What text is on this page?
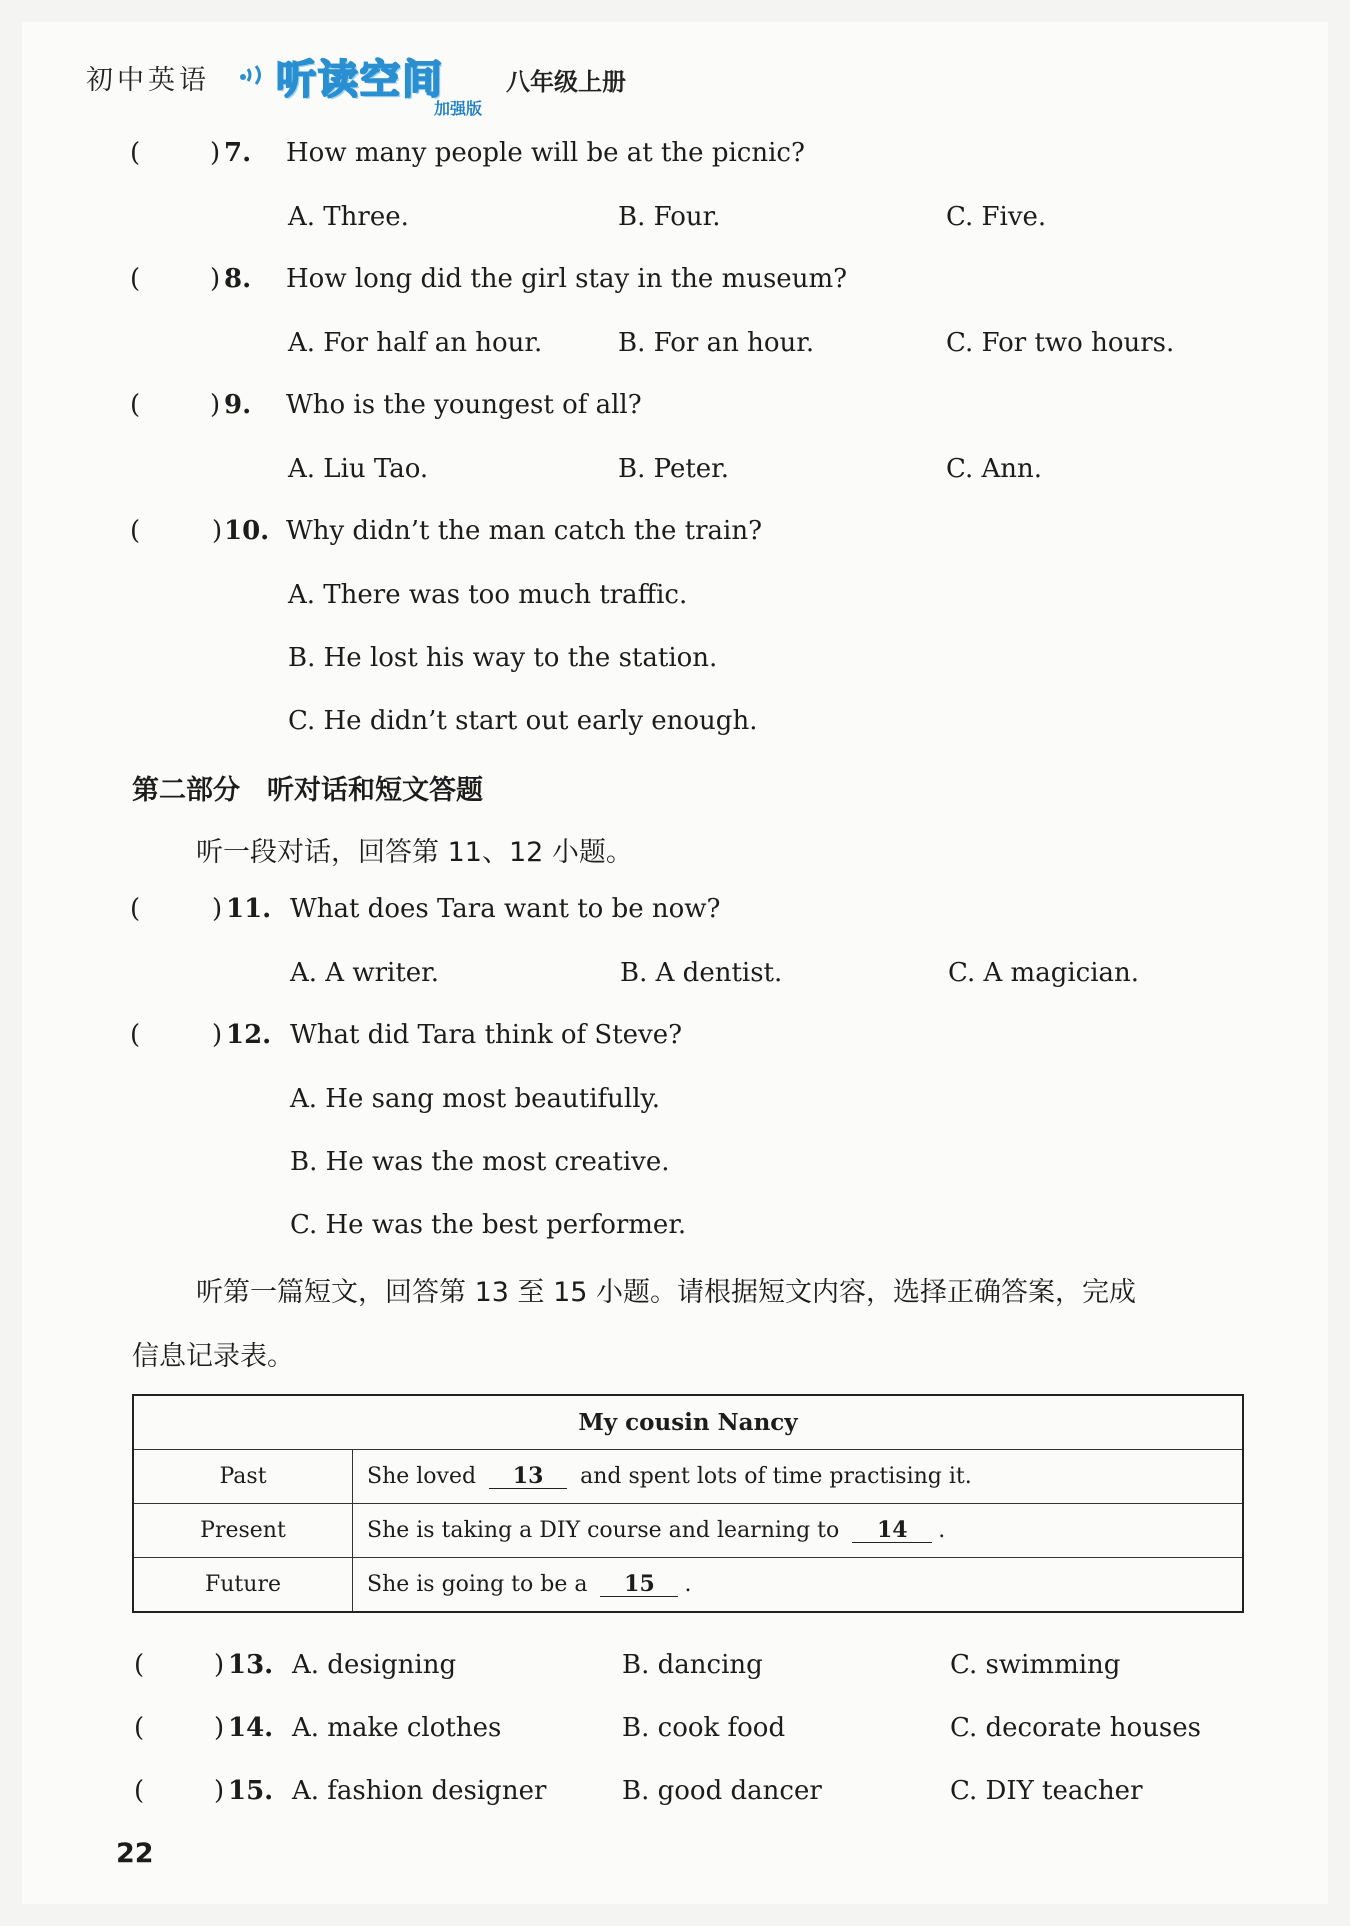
初中英语 听读空间
加强版
八年级上册
(	) 7. How many people will be at the picnic?
A. Three.	B. Four.	C. Five.
(	) 8. How long did the girl stay in the museum?
A. For half an hour.	B. For an hour.	C. For two hours.
(	) 9. Who is the youngest of all?
A. Liu Tao.	B. Peter.	C. Ann.
(	) 10. Why didn’t the man catch the train?
A. There was too much traffic.
B. He lost his way to the station.
C. He didn’t start out early enough.
第二部分　听对话和短文答题
听一段对话，回答第 11、12 小题。
(	) 11. What does Tara want to be now?
A. A writer.	B. A dentist.	C. A magician.
(	) 12. What did Tara think of Steve?
A. He sang most beautifully.
B. He was the most creative.
C. He was the best performer.
听第一篇短文，回答第 13 至 15 小题。请根据短文内容，选择正确答案，完成
信息记录表。
My cousin Nancy	
Past	She loved 13 and spent lots of time practising it.
Present	She is taking a DIY course and learning to 14 .
Future	She is going to be a 15 .
(	) 13. A. designing	B. dancing	C. swimming
(	) 14. A. make clothes	B. cook food	C. decorate houses
(	) 15. A. fashion designer	B. good dancer	C. DIY teacher
22
